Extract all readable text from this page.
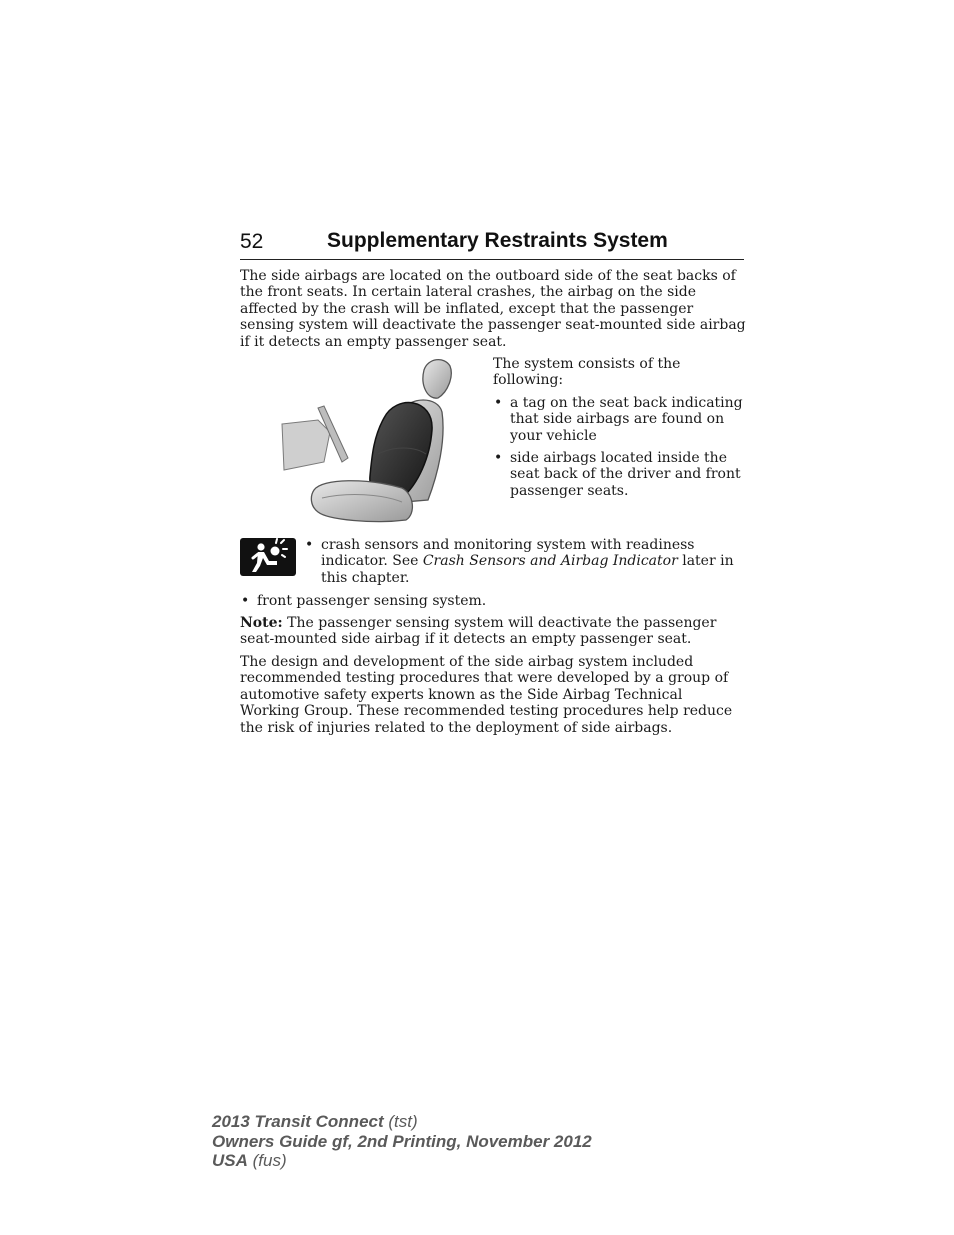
52	Supplementary Restraints System

The side airbags are located on the outboard side of the seat backs of the front seats. In certain lateral crashes, the airbag on the side affected by the crash will be inflated, except that the passenger sensing system will deactivate the passenger seat-mounted side airbag if it detects an empty passenger seat.

The system consists of the following:
• a tag on the seat back indicating that side airbags are found on your vehicle
• side airbags located inside the seat back of the driver and front passenger seats.
• crash sensors and monitoring system with readiness indicator. See Crash Sensors and Airbag Indicator later in this chapter.
• front passenger sensing system.

Note: The passenger sensing system will deactivate the passenger seat-mounted side airbag if it detects an empty passenger seat.

The design and development of the side airbag system included recommended testing procedures that were developed by a group of automotive safety experts known as the Side Airbag Technical Working Group. These recommended testing procedures help reduce the risk of injuries related to the deployment of side airbags.

2013 Transit Connect (tst)
Owners Guide gf, 2nd Printing, November 2012
USA (fus)
